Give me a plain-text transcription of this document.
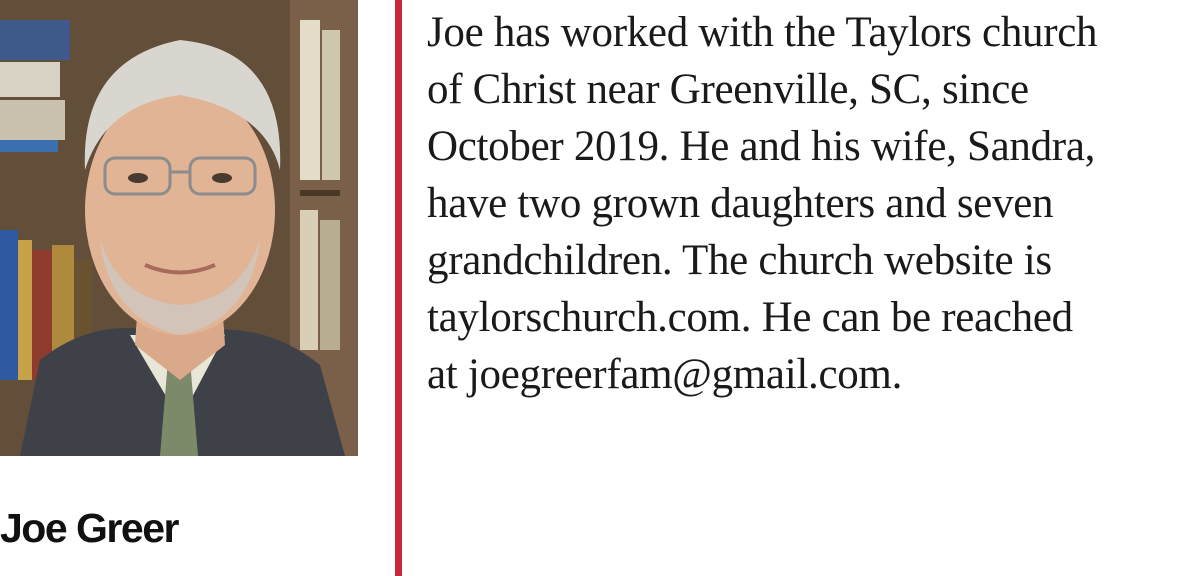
Joe Greer

Joe has worked with the Taylors church
of Christ near Greenville, SC, since
October 2019. He and his wife, Sandra,
have two grown daughters and seven
grandchildren. The church website is
taylorschurch.com. He can be reached
at joegreerfam@gmail.com.
